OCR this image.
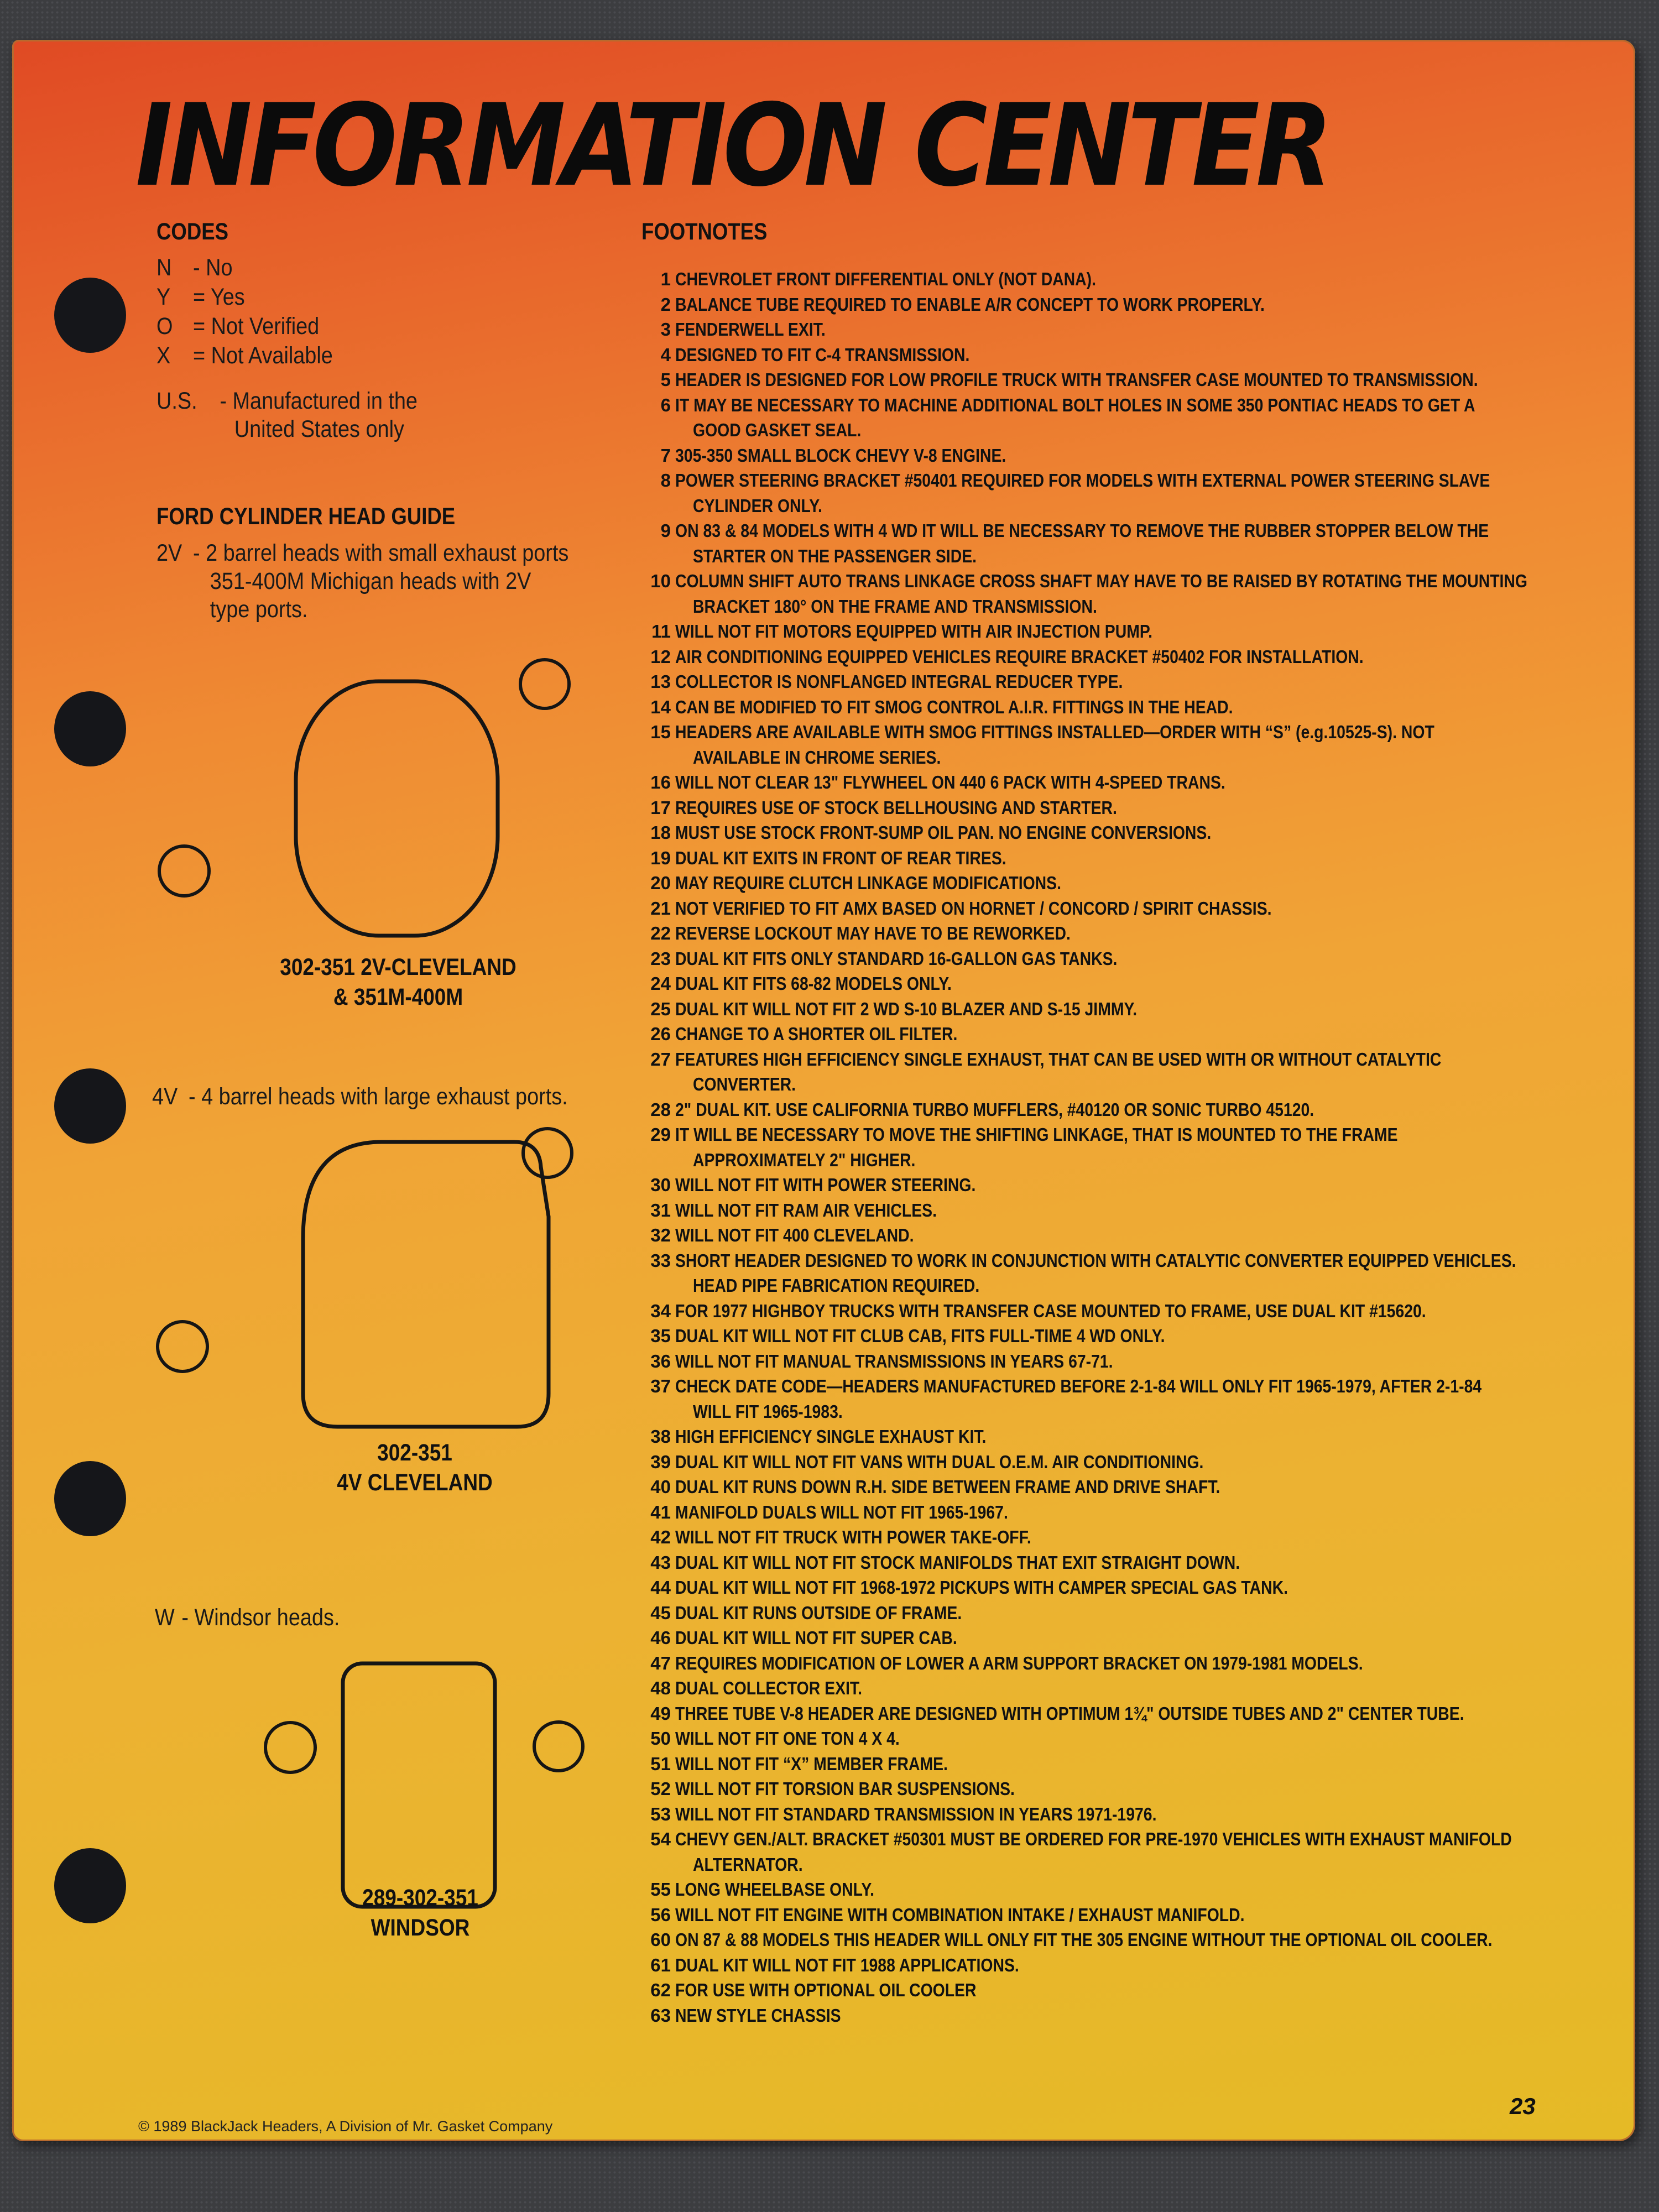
INFORMATION CENTER
CODES
N - No
Y = Yes
O = Not Verified
X = Not Available
U.S. - Manufactured in the
United States only
FORD CYLINDER HEAD GUIDE
2V - 2 barrel heads with small exhaust ports
351-400M Michigan heads with 2V
type ports.
302-351 2V-CLEVELAND
& 351M-400M
4V - 4 barrel heads with large exhaust ports.
302-351
4V CLEVELAND
W - Windsor heads.
289-302-351
WINDSOR
FOOTNOTES
1 CHEVROLET FRONT DIFFERENTIAL ONLY (NOT DANA).
2 BALANCE TUBE REQUIRED TO ENABLE A/R CONCEPT TO WORK PROPERLY.
3 FENDERWELL EXIT.
4 DESIGNED TO FIT C-4 TRANSMISSION.
5 HEADER IS DESIGNED FOR LOW PROFILE TRUCK WITH TRANSFER CASE MOUNTED TO TRANSMISSION.
6 IT MAY BE NECESSARY TO MACHINE ADDITIONAL BOLT HOLES IN SOME 350 PONTIAC HEADS TO GET A
GOOD GASKET SEAL.
7 305-350 SMALL BLOCK CHEVY V-8 ENGINE.
8 POWER STEERING BRACKET #50401 REQUIRED FOR MODELS WITH EXTERNAL POWER STEERING SLAVE
CYLINDER ONLY.
9 ON 83 & 84 MODELS WITH 4 WD IT WILL BE NECESSARY TO REMOVE THE RUBBER STOPPER BELOW THE
STARTER ON THE PASSENGER SIDE.
10 COLUMN SHIFT AUTO TRANS LINKAGE CROSS SHAFT MAY HAVE TO BE RAISED BY ROTATING THE MOUNTING
BRACKET 180° ON THE FRAME AND TRANSMISSION.
11 WILL NOT FIT MOTORS EQUIPPED WITH AIR INJECTION PUMP.
12 AIR CONDITIONING EQUIPPED VEHICLES REQUIRE BRACKET #50402 FOR INSTALLATION.
13 COLLECTOR IS NONFLANGED INTEGRAL REDUCER TYPE.
14 CAN BE MODIFIED TO FIT SMOG CONTROL A.I.R. FITTINGS IN THE HEAD.
15 HEADERS ARE AVAILABLE WITH SMOG FITTINGS INSTALLED—ORDER WITH “S” (e.g.10525-S). NOT
AVAILABLE IN CHROME SERIES.
16 WILL NOT CLEAR 13" FLYWHEEL ON 440 6 PACK WITH 4-SPEED TRANS.
17 REQUIRES USE OF STOCK BELLHOUSING AND STARTER.
18 MUST USE STOCK FRONT-SUMP OIL PAN. NO ENGINE CONVERSIONS.
19 DUAL KIT EXITS IN FRONT OF REAR TIRES.
20 MAY REQUIRE CLUTCH LINKAGE MODIFICATIONS.
21 NOT VERIFIED TO FIT AMX BASED ON HORNET / CONCORD / SPIRIT CHASSIS.
22 REVERSE LOCKOUT MAY HAVE TO BE REWORKED.
23 DUAL KIT FITS ONLY STANDARD 16-GALLON GAS TANKS.
24 DUAL KIT FITS 68-82 MODELS ONLY.
25 DUAL KIT WILL NOT FIT 2 WD S-10 BLAZER AND S-15 JIMMY.
26 CHANGE TO A SHORTER OIL FILTER.
27 FEATURES HIGH EFFICIENCY SINGLE EXHAUST, THAT CAN BE USED WITH OR WITHOUT CATALYTIC
CONVERTER.
28 2" DUAL KIT. USE CALIFORNIA TURBO MUFFLERS, #40120 OR SONIC TURBO 45120.
29 IT WILL BE NECESSARY TO MOVE THE SHIFTING LINKAGE, THAT IS MOUNTED TO THE FRAME
APPROXIMATELY 2" HIGHER.
30 WILL NOT FIT WITH POWER STEERING.
31 WILL NOT FIT RAM AIR VEHICLES.
32 WILL NOT FIT 400 CLEVELAND.
33 SHORT HEADER DESIGNED TO WORK IN CONJUNCTION WITH CATALYTIC CONVERTER EQUIPPED VEHICLES.
HEAD PIPE FABRICATION REQUIRED.
34 FOR 1977 HIGHBOY TRUCKS WITH TRANSFER CASE MOUNTED TO FRAME, USE DUAL KIT #15620.
35 DUAL KIT WILL NOT FIT CLUB CAB, FITS FULL-TIME 4 WD ONLY.
36 WILL NOT FIT MANUAL TRANSMISSIONS IN YEARS 67-71.
37 CHECK DATE CODE—HEADERS MANUFACTURED BEFORE 2-1-84 WILL ONLY FIT 1965-1979, AFTER 2-1-84
WILL FIT 1965-1983.
38 HIGH EFFICIENCY SINGLE EXHAUST KIT.
39 DUAL KIT WILL NOT FIT VANS WITH DUAL O.E.M. AIR CONDITIONING.
40 DUAL KIT RUNS DOWN R.H. SIDE BETWEEN FRAME AND DRIVE SHAFT.
41 MANIFOLD DUALS WILL NOT FIT 1965-1967.
42 WILL NOT FIT TRUCK WITH POWER TAKE-OFF.
43 DUAL KIT WILL NOT FIT STOCK MANIFOLDS THAT EXIT STRAIGHT DOWN.
44 DUAL KIT WILL NOT FIT 1968-1972 PICKUPS WITH CAMPER SPECIAL GAS TANK.
45 DUAL KIT RUNS OUTSIDE OF FRAME.
46 DUAL KIT WILL NOT FIT SUPER CAB.
47 REQUIRES MODIFICATION OF LOWER A ARM SUPPORT BRACKET ON 1979-1981 MODELS.
48 DUAL COLLECTOR EXIT.
49 THREE TUBE V-8 HEADER ARE DESIGNED WITH OPTIMUM 1¾" OUTSIDE TUBES AND 2" CENTER TUBE.
50 WILL NOT FIT ONE TON 4 X 4.
51 WILL NOT FIT “X” MEMBER FRAME.
52 WILL NOT FIT TORSION BAR SUSPENSIONS.
53 WILL NOT FIT STANDARD TRANSMISSION IN YEARS 1971-1976.
54 CHEVY GEN./ALT. BRACKET #50301 MUST BE ORDERED FOR PRE-1970 VEHICLES WITH EXHAUST MANIFOLD
ALTERNATOR.
55 LONG WHEELBASE ONLY.
56 WILL NOT FIT ENGINE WITH COMBINATION INTAKE / EXHAUST MANIFOLD.
60 ON 87 & 88 MODELS THIS HEADER WILL ONLY FIT THE 305 ENGINE WITHOUT THE OPTIONAL OIL COOLER.
61 DUAL KIT WILL NOT FIT 1988 APPLICATIONS.
62 FOR USE WITH OPTIONAL OIL COOLER
63 NEW STYLE CHASSIS
© 1989 BlackJack Headers, A Division of Mr. Gasket Company
23
